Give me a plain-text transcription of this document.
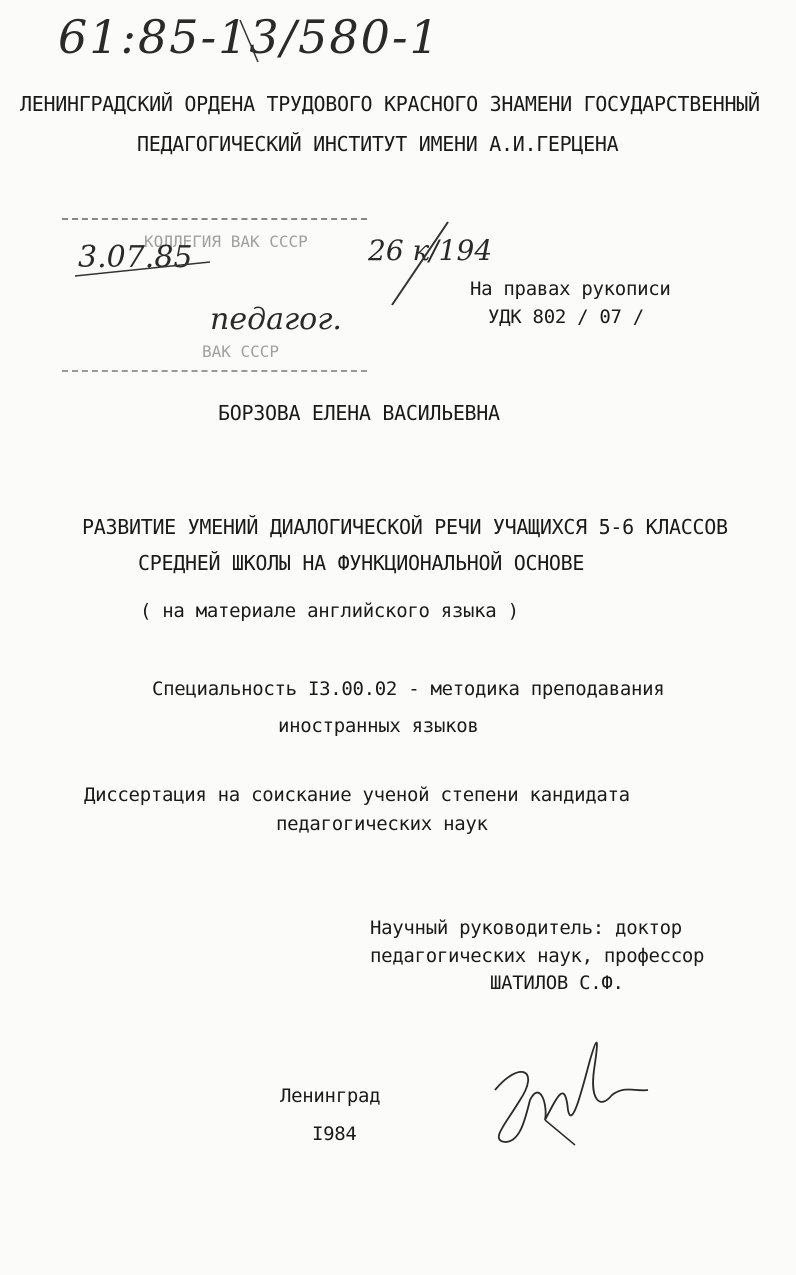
61:85-13/580-1
ЛЕНИНГРАДСКИЙ ОРДЕНА ТРУДОВОГО КРАСНОГО ЗНАМЕНИ ГОСУДАРСТВЕННЫЙ
ПЕДАГОГИЧЕСКИЙ ИНСТИТУТ ИМЕНИ А.И.ГЕРЦЕНА
КОЛЛЕГИЯ ВАК СССР
ВАК СССР
3.07.85	26 к/194
педагог.
На правах рукописи
УДК 802 / 07 /
БОРЗОВА ЕЛЕНА ВАСИЛЬЕВНА
РАЗВИТИЕ УМЕНИЙ ДИАЛОГИЧЕСКОЙ РЕЧИ УЧАЩИХСЯ 5-6 КЛАССОВ
СРЕДНЕЙ ШКОЛЫ НА ФУНКЦИОНАЛЬНОЙ ОСНОВЕ
( на материале английского языка )
Специальность I3.00.02 - методика преподавания
иностранных языков
Диссертация на соискание ученой степени кандидата
педагогических наук
Научный руководитель: доктор
педагогических наук, профессор
ШАТИЛОВ С.Ф.
Ленинград
I984
